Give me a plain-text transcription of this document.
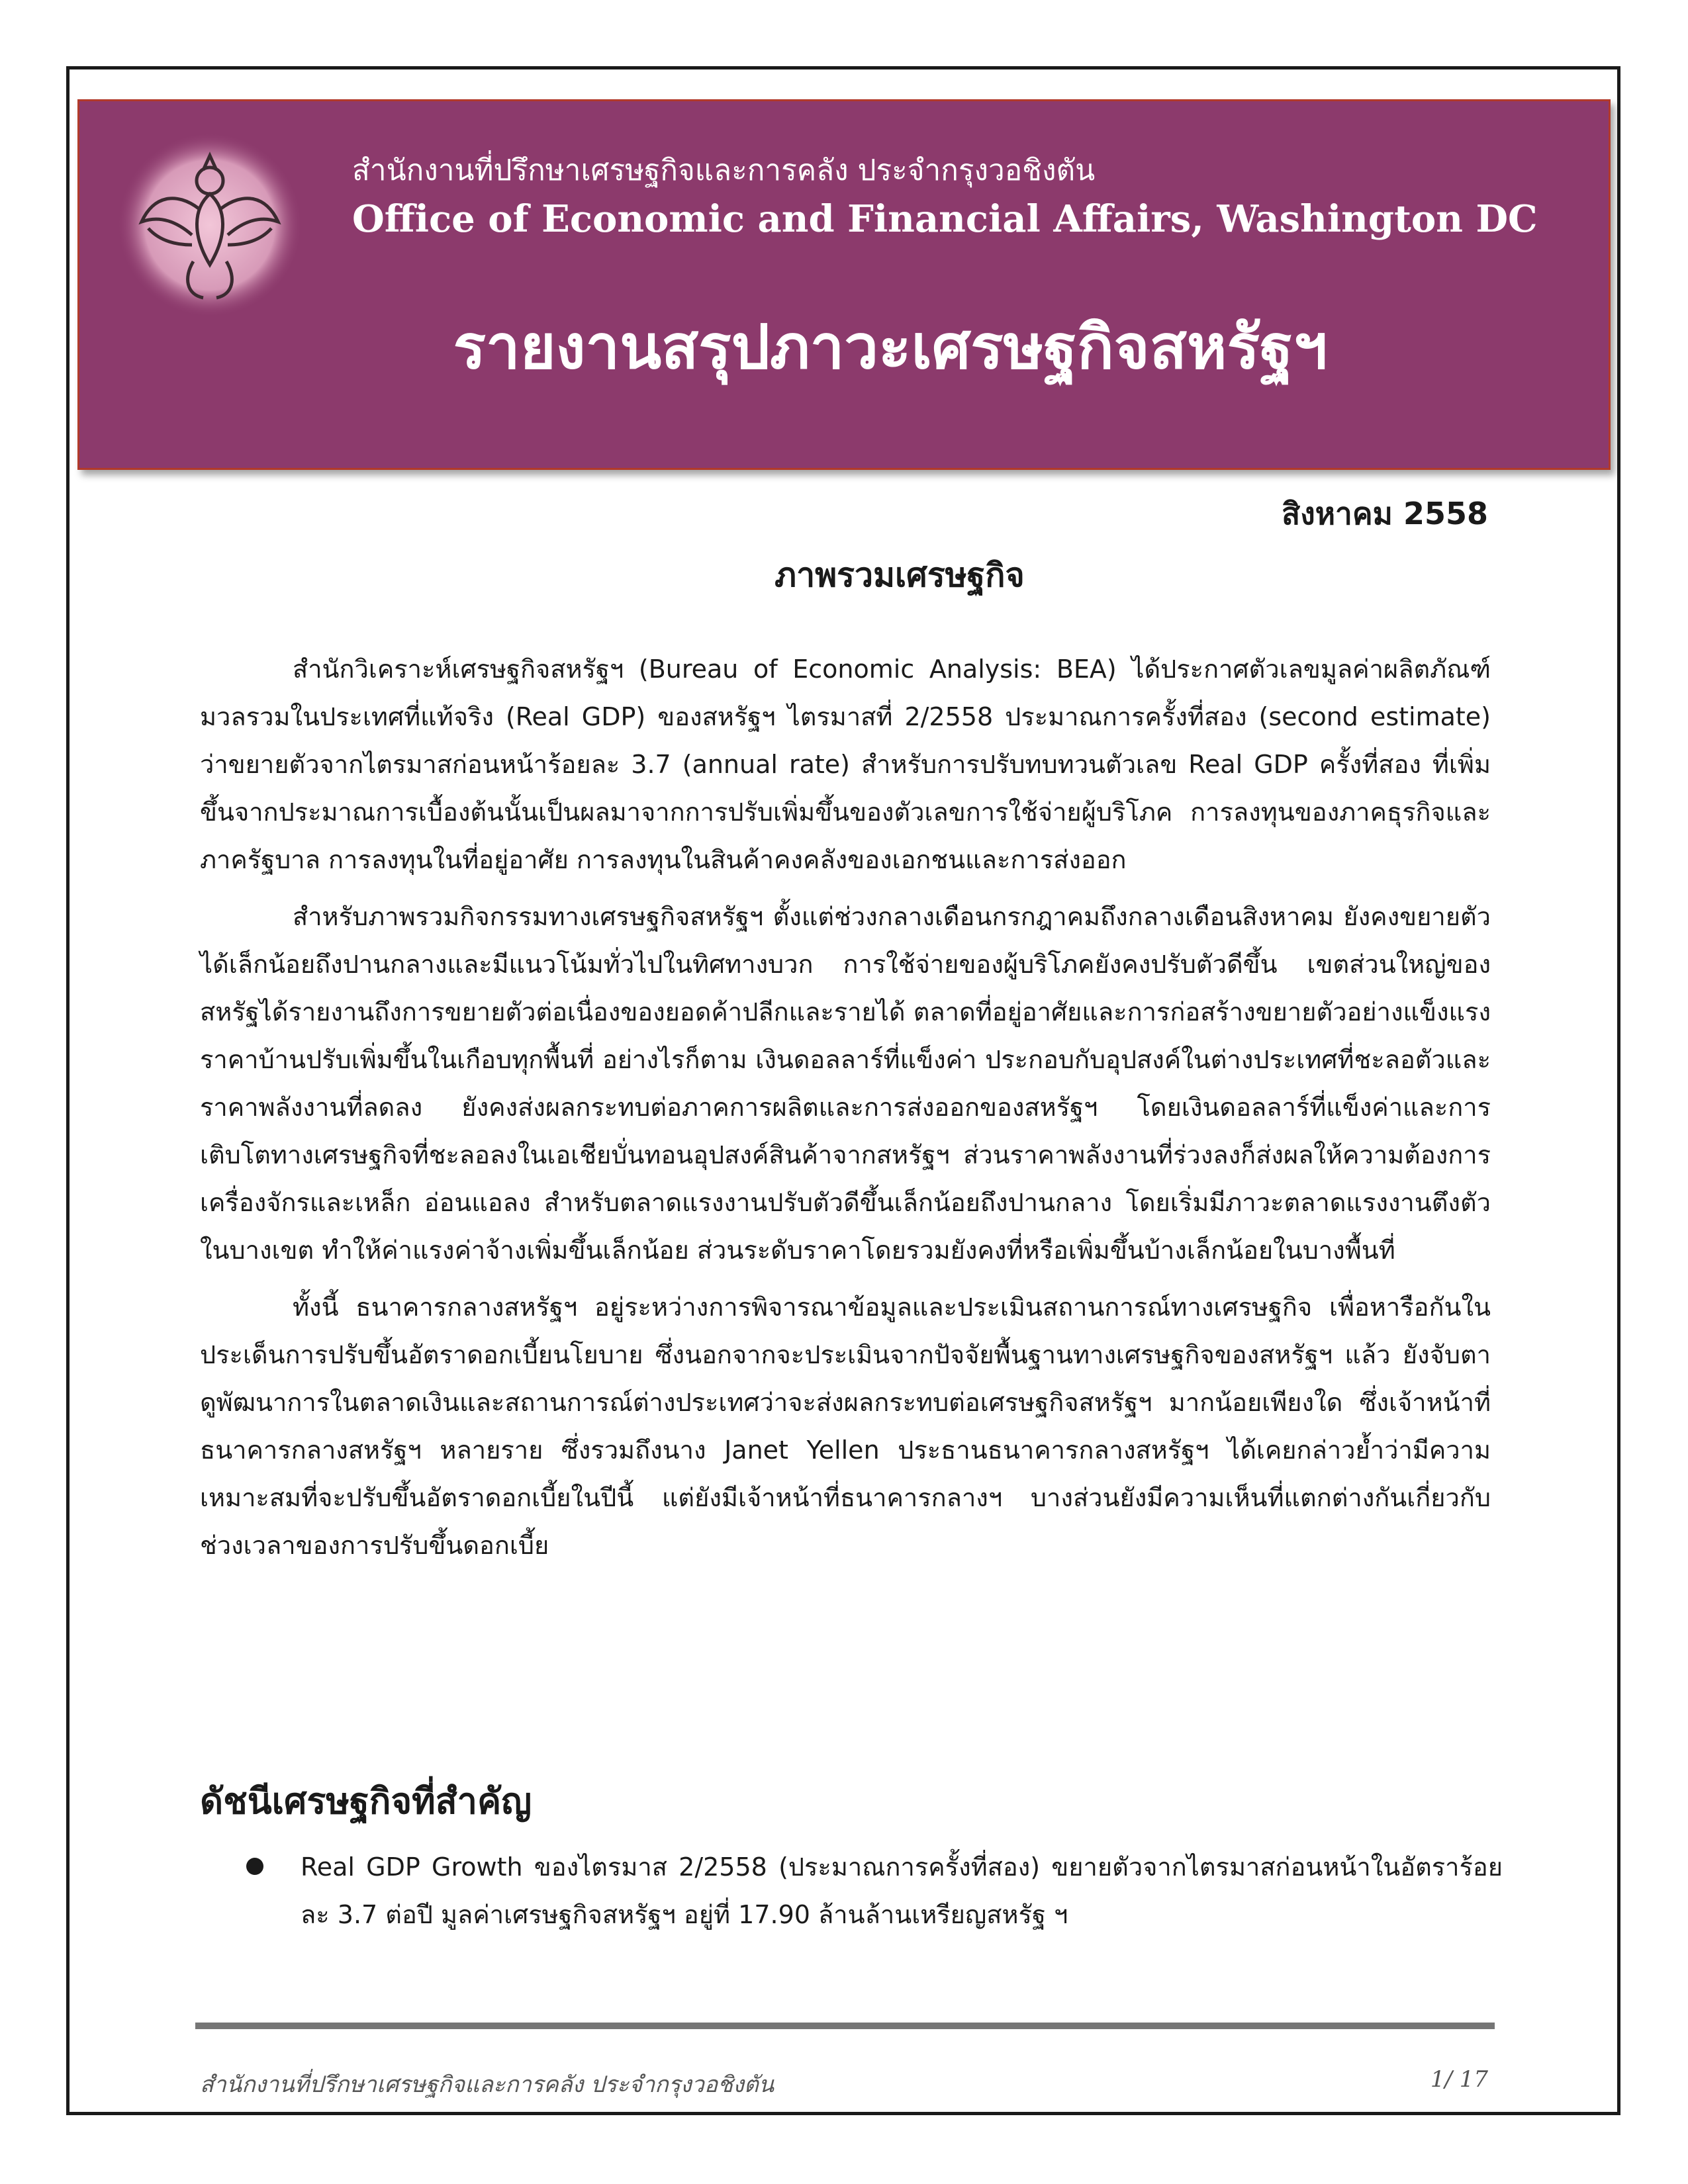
สำนักงานที่ปรึกษาเศรษฐกิจและการคลัง ประจำกรุงวอชิงตัน
Office of Economic and Financial Affairs, Washington DC
รายงานสรุปภาวะเศรษฐกิจสหรัฐฯ
สิงหาคม 2558
ภาพรวมเศรษฐกิจ

สำนักวิเคราะห์เศรษฐกิจสหรัฐฯ (Bureau of Economic Analysis: BEA) ได้ประกาศตัวเลขมูลค่าผลิตภัณฑ์มวลรวมในประเทศที่แท้จริง (Real GDP) ของสหรัฐฯ ไตรมาสที่ 2/2558 ประมาณการครั้งที่สอง (second estimate) ว่าขยายตัวจากไตรมาสก่อนหน้าร้อยละ 3.7 (annual rate) สำหรับการปรับทบทวนตัวเลข Real GDP ครั้งที่สอง ที่เพิ่มขึ้นจากประมาณการเบื้องต้นนั้นเป็นผลมาจากการปรับเพิ่มขึ้นของตัวเลขการใช้จ่ายผู้บริโภค การลงทุนของภาคธุรกิจและภาครัฐบาล การลงทุนในที่อยู่อาศัย การลงทุนในสินค้าคงคลังของเอกชนและการส่งออก

สำหรับภาพรวมกิจกรรมทางเศรษฐกิจสหรัฐฯ ตั้งแต่ช่วงกลางเดือนกรกฎาคมถึงกลางเดือนสิงหาคม ยังคงขยายตัวได้เล็กน้อยถึงปานกลางและมีแนวโน้มทั่วไปในทิศทางบวก การใช้จ่ายของผู้บริโภคยังคงปรับตัวดีขึ้น เขตส่วนใหญ่ของสหรัฐได้รายงานถึงการขยายตัวต่อเนื่องของยอดค้าปลีกและรายได้ ตลาดที่อยู่อาศัยและการก่อสร้างขยายตัวอย่างแข็งแรง ราคาบ้านปรับเพิ่มขึ้นในเกือบทุกพื้นที่ อย่างไรก็ตาม เงินดอลลาร์ที่แข็งค่า ประกอบกับอุปสงค์ในต่างประเทศที่ชะลอตัวและราคาพลังงานที่ลดลง ยังคงส่งผลกระทบต่อภาคการผลิตและการส่งออกของสหรัฐฯ โดยเงินดอลลาร์ที่แข็งค่าและการเติบโตทางเศรษฐกิจที่ชะลอลงในเอเชียบั่นทอนอุปสงค์สินค้าจากสหรัฐฯ ส่วนราคาพลังงานที่ร่วงลงก็ส่งผลให้ความต้องการเครื่องจักรและเหล็ก อ่อนแอลง สำหรับตลาดแรงงานปรับตัวดีขึ้นเล็กน้อยถึงปานกลาง โดยเริ่มมีภาวะตลาดแรงงานตึงตัวในบางเขต ทำให้ค่าแรงค่าจ้างเพิ่มขึ้นเล็กน้อย ส่วนระดับราคาโดยรวมยังคงที่หรือเพิ่มขึ้นบ้างเล็กน้อยในบางพื้นที่

ทั้งนี้ ธนาคารกลางสหรัฐฯ อยู่ระหว่างการพิจารณาข้อมูลและประเมินสถานการณ์ทางเศรษฐกิจ เพื่อหารือกันในประเด็นการปรับขึ้นอัตราดอกเบี้ยนโยบาย ซึ่งนอกจากจะประเมินจากปัจจัยพื้นฐานทางเศรษฐกิจของสหรัฐฯ แล้ว ยังจับตาดูพัฒนาการในตลาดเงินและสถานการณ์ต่างประเทศว่าจะส่งผลกระทบต่อเศรษฐกิจสหรัฐฯ มากน้อยเพียงใด ซึ่งเจ้าหน้าที่ธนาคารกลางสหรัฐฯ หลายราย ซึ่งรวมถึงนาง Janet Yellen ประธานธนาคารกลางสหรัฐฯ ได้เคยกล่าวย้ำว่ามีความเหมาะสมที่จะปรับขึ้นอัตราดอกเบี้ยในปีนี้ แต่ยังมีเจ้าหน้าที่ธนาคารกลางฯ บางส่วนยังมีความเห็นที่แตกต่างกันเกี่ยวกับช่วงเวลาของการปรับขึ้นดอกเบี้ย

ดัชนีเศรษฐกิจที่สำคัญ
Real GDP Growth ของไตรมาส 2/2558 (ประมาณการครั้งที่สอง) ขยายตัวจากไตรมาสก่อนหน้าในอัตราร้อยละ 3.7 ต่อปี มูลค่าเศรษฐกิจสหรัฐฯ อยู่ที่ 17.90 ล้านล้านเหรียญสหรัฐ ฯ
สำนักงานที่ปรึกษาเศรษฐกิจและการคลัง ประจำกรุงวอชิงตัน	1/ 17
